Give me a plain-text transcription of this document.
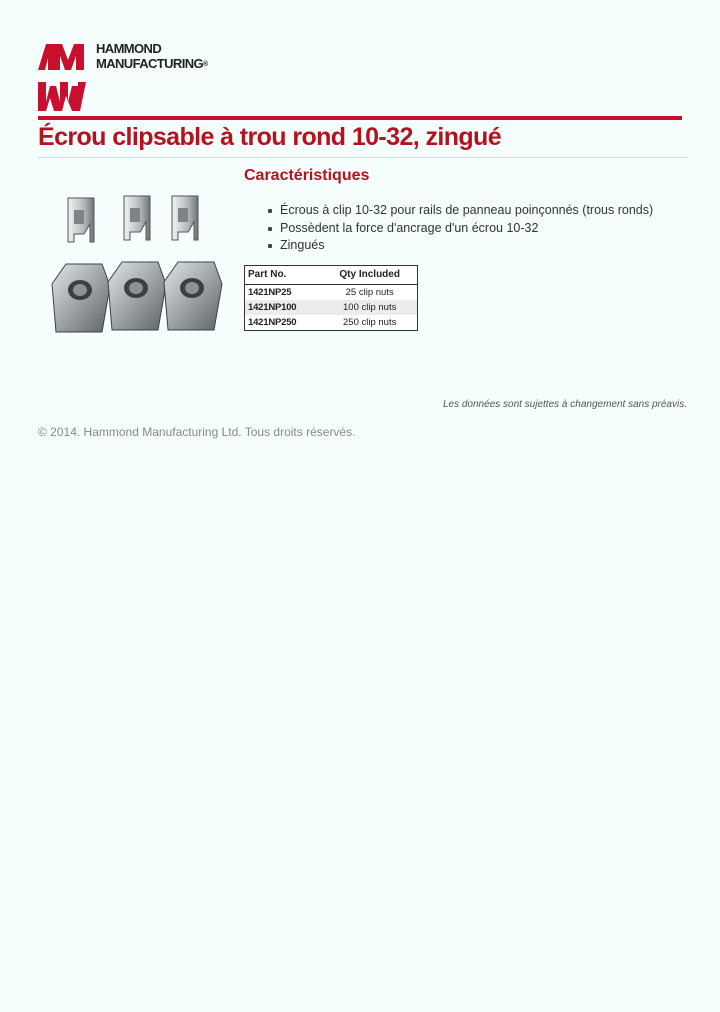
HAMMOND
MANUFACTURING®
Écrou clipsable à trou rond 10-32, zingué
Caractéristiques
Écrous à clip 10-32 pour rails de panneau poinçonnés (trous ronds)
Possèdent la force d'ancrage d'un écrou 10-32
Zingués
Part No.	Qty Included
1421NP25	25 clip nuts
1421NP100	100 clip nuts
1421NP250	250 clip nuts
Les données sont sujettes à changement sans préavis.
© 2014. Hammond Manufacturing Ltd. Tous droits réservés.
